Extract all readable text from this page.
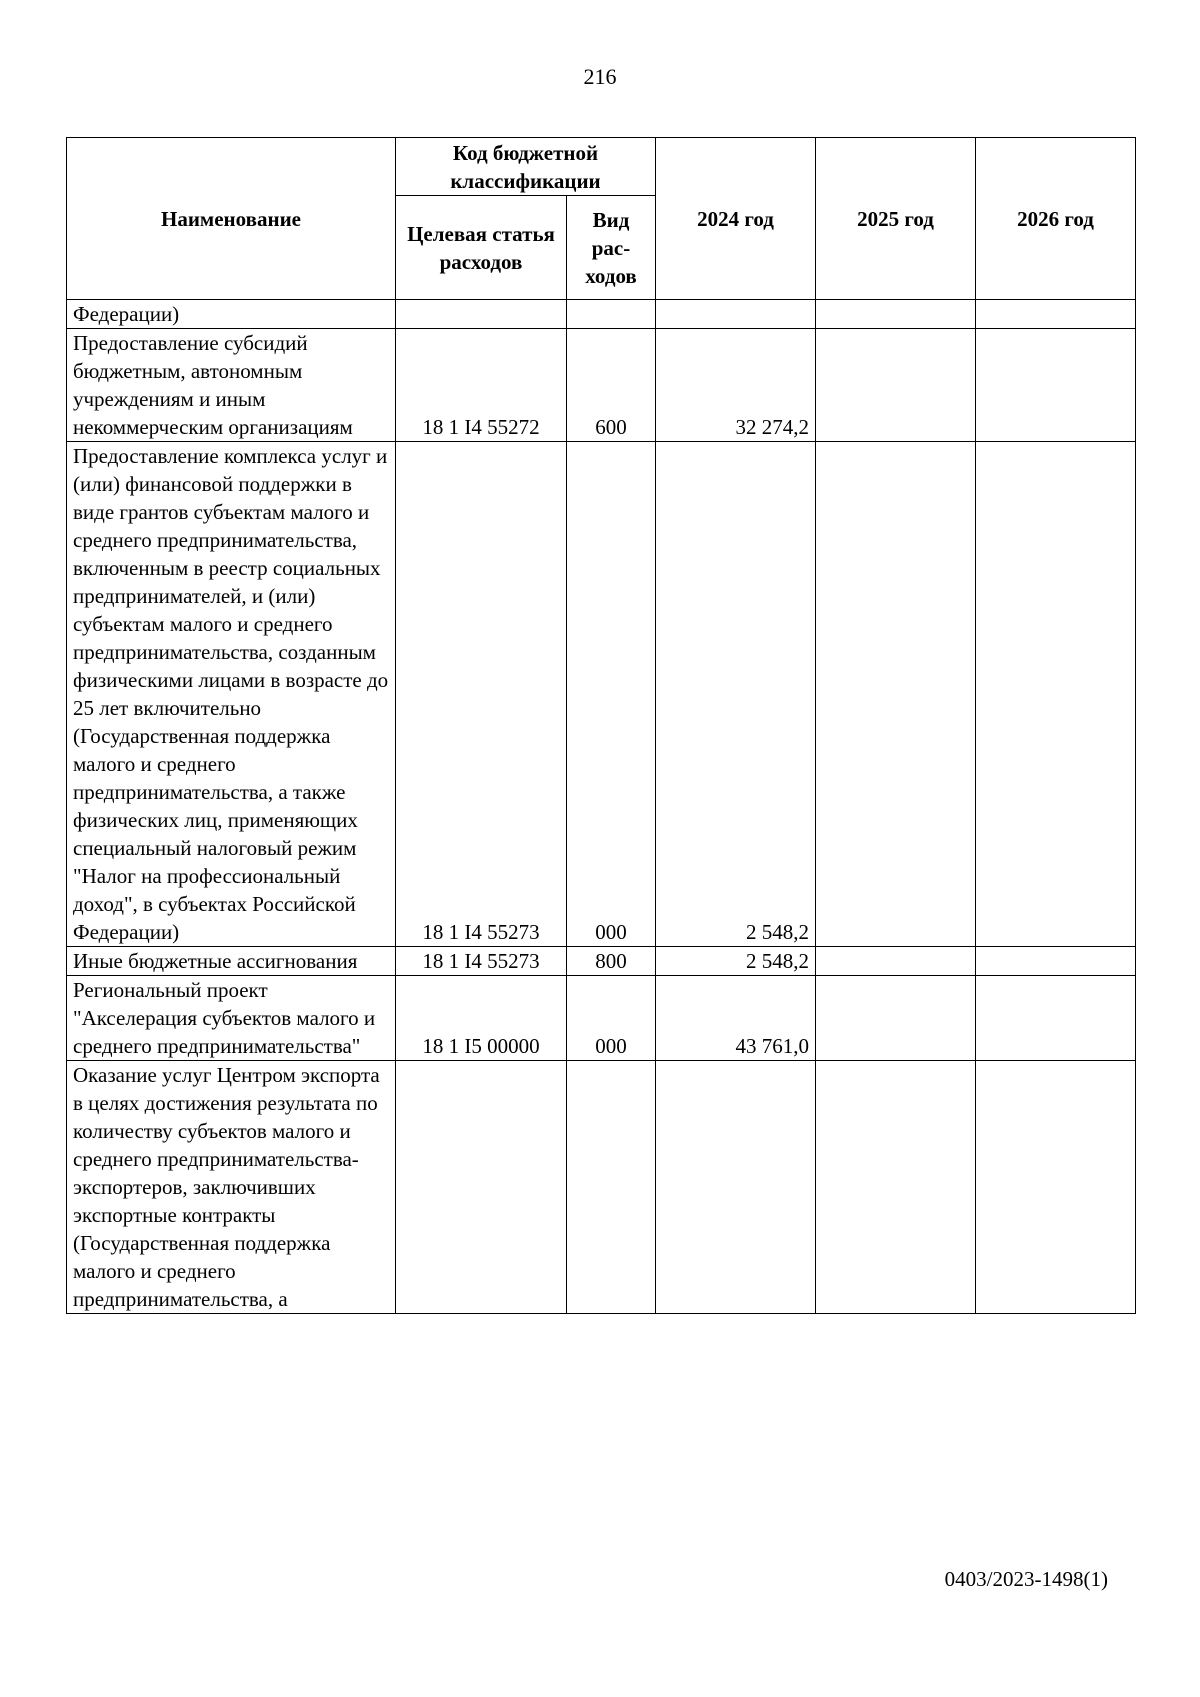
216
Наименование	Код бюджетной классификации		2024 год	2025 год	2026 год
	Целевая статья расходов	Вид рас-ходов			
Федерации)					
Предоставление субсидий бюджетным, автономным учреждениям и иным некоммерческим организациям	18 1 I4 55272	600	32 274,2		
Предоставление комплекса услуг и (или) финансовой поддержки в виде грантов субъектам малого и среднего предпринимательства, включенным в реестр социальных предпринимателей, и (или) субъектам малого и среднего предпринимательства, созданным физическими лицами в возрасте до 25 лет включительно (Государственная поддержка малого и среднего предпринимательства, а также физических лиц, применяющих специальный налоговый режим "Налог на профессиональный доход", в субъектах Российской Федерации)	18 1 I4 55273	000	2 548,2		
Иные бюджетные ассигнования	18 1 I4 55273	800	2 548,2		
Региональный проект "Акселерация субъектов малого и среднего предпринимательства"	18 1 I5 00000	000	43 761,0		
Оказание услуг Центром экспорта в целях достижения результата по количеству субъектов малого и среднего предпринимательства-экспортеров, заключивших экспортные контракты (Государственная поддержка малого и среднего предпринимательства, а					
0403/2023-1498(1)
